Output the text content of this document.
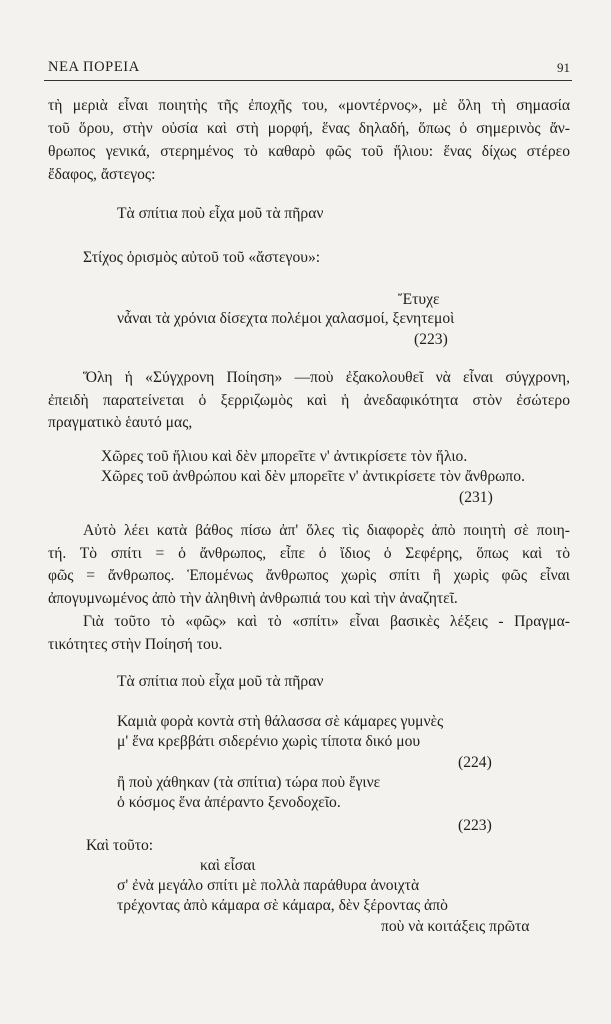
ΝΕΑ ΠΟΡΕΙΑ	91
τὴ μεριὰ εἶναι ποιητὴς τῆς ἐποχῆς του, «μοντέρνος», μὲ ὅλη τὴ σημασία
τοῦ ὅρου, στὴν οὐσία καὶ στὴ μορφή, ἕνας δηλαδή, ὅπως ὁ σημερινὸς ἄν-
θρωπος γενικά, στερημένος τὸ καθαρὸ φῶς τοῦ ἥλιου: ἕνας δίχως στέρεο
ἔδαφος, ἄστεγος:
Τὰ σπίτια ποὺ εἶχα μοῦ τὰ πῆραν
Στίχος ὁρισμὸς αὐτοῦ τοῦ «ἄστεγου»:
Ἔτυχε
νἆναι τὰ χρόνια δίσεχτα πολέμοι χαλασμοί, ξενητεμοὶ
(223)
Ὅλη ἡ «Σύγχρονη Ποίηση» —ποὺ ἐξακολουθεῖ νὰ εἶναι σύγχρονη,
ἐπειδὴ παρατείνεται ὁ ξερριζωμὸς καὶ ἡ ἀνεδαφικότητα στὸν ἐσώτερο
πραγματικὸ ἑαυτό μας,
Χῶρες τοῦ ἥλιου καὶ δὲν μπορεῖτε ν' ἀντικρίσετε τὸν ἥλιο.
Χῶρες τοῦ ἀνθρώπου καὶ δὲν μπορεῖτε ν' ἀντικρίσετε τὸν ἄνθρωπο.
(231)
Αὐτὸ λέει κατὰ βάθος πίσω ἀπ' ὅλες τὶς διαφορὲς ἀπὸ ποιητὴ σὲ ποιη-
τή. Τὸ σπίτι = ὁ ἄνθρωπος, εἶπε ὁ ἴδιος ὁ Σεφέρης, ὅπως καὶ τὸ
φῶς = ἄνθρωπος. Ἑπομένως ἄνθρωπος χωρὶς σπίτι ἢ χωρὶς φῶς εἶναι
ἀπογυμνωμένος ἀπὸ τὴν ἀληθινὴ ἀνθρωπιά του καὶ τὴν ἀναζητεῖ.
Γιὰ τοῦτο τὸ «φῶς» καὶ τὸ «σπίτι» εἶναι βασικὲς λέξεις - Πραγμα-
τικότητες στὴν Ποίησή του.
Τὰ σπίτια ποὺ εἶχα μοῦ τὰ πῆραν
Καμιὰ φορὰ κοντὰ στὴ θάλασσα σὲ κάμαρες γυμνὲς
μ' ἕνα κρεββάτι σιδερένιο χωρὶς τίποτα δικό μου
(224)
ἢ ποὺ χάθηκαν (τὰ σπίτια) τώρα ποὺ ἔγινε
ὁ κόσμος ἕνα ἀπέραντο ξενοδοχεῖο.
(223)
Καὶ τοῦτο:
καὶ εἶσαι
σ' ἐνὰ μεγάλο σπίτι μὲ πολλὰ παράθυρα ἀνοιχτὰ
τρέχοντας ἀπὸ κάμαρα σὲ κάμαρα, δὲν ξέροντας ἀπὸ
ποὺ νὰ κοιτάξεις πρῶτα
